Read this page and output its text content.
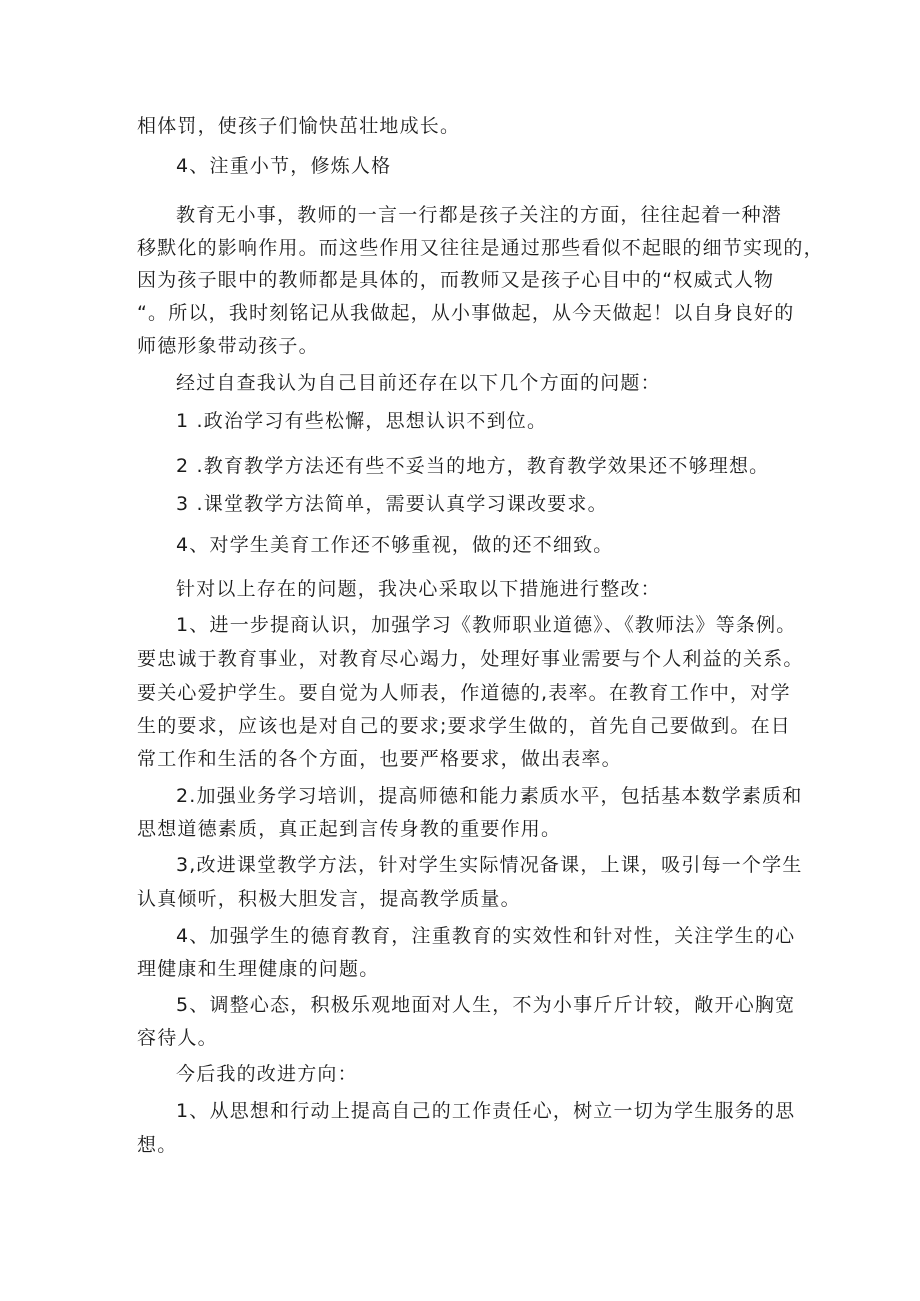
相体罚，使孩子们愉快茁壮地成长。
4、注重小节，修炼人格
教育无小事，教师的一言一行都是孩子关注的方面，往往起着一种潜
移默化的影响作用。而这些作用又往往是通过那些看似不起眼的细节实现的，
因为孩子眼中的教师都是具体的，而教师又是孩子心目中的“权威式人物
“。所以，我时刻铭记从我做起，从小事做起，从今天做起！以自身良好的
师德形象带动孩子。
经过自查我认为自己目前还存在以下几个方面的问题：
1 .政治学习有些松懈，思想认识不到位。
2 .教育教学方法还有些不妥当的地方，教育教学效果还不够理想。
3 .课堂教学方法简单，需要认真学习课改要求。
4、对学生美育工作还不够重视，做的还不细致。
针对以上存在的问题，我决心采取以下措施进行整改：
1、进一步提商认识，加强学习《教师职业道德》、《教师法》等条例。
要忠诚于教育事业，对教育尽心竭力，处理好事业需要与个人利益的关系。
要关心爱护学生。要自觉为人师表，作道德的,表率。在教育工作中，对学
生的要求，应该也是对自己的要求;要求学生做的，首先自己要做到。在日
常工作和生活的各个方面，也要严格要求，做出表率。
2.加强业务学习培训，提高师德和能力素质水平，包括基本数学素质和
思想道德素质，真正起到言传身教的重要作用。
3,改进课堂教学方法，针对学生实际情况备课，上课，吸引每一个学生
认真倾听，积极大胆发言，提高教学质量。
4、加强学生的德育教育，注重教育的实效性和针对性，关注学生的心
理健康和生理健康的问题。
5、调整心态，积极乐观地面对人生，不为小事斤斤计较，敞开心胸宽
容待人。
今后我的改进方向：
1、从思想和行动上提高自己的工作责任心，树立一切为学生服务的思
想。
